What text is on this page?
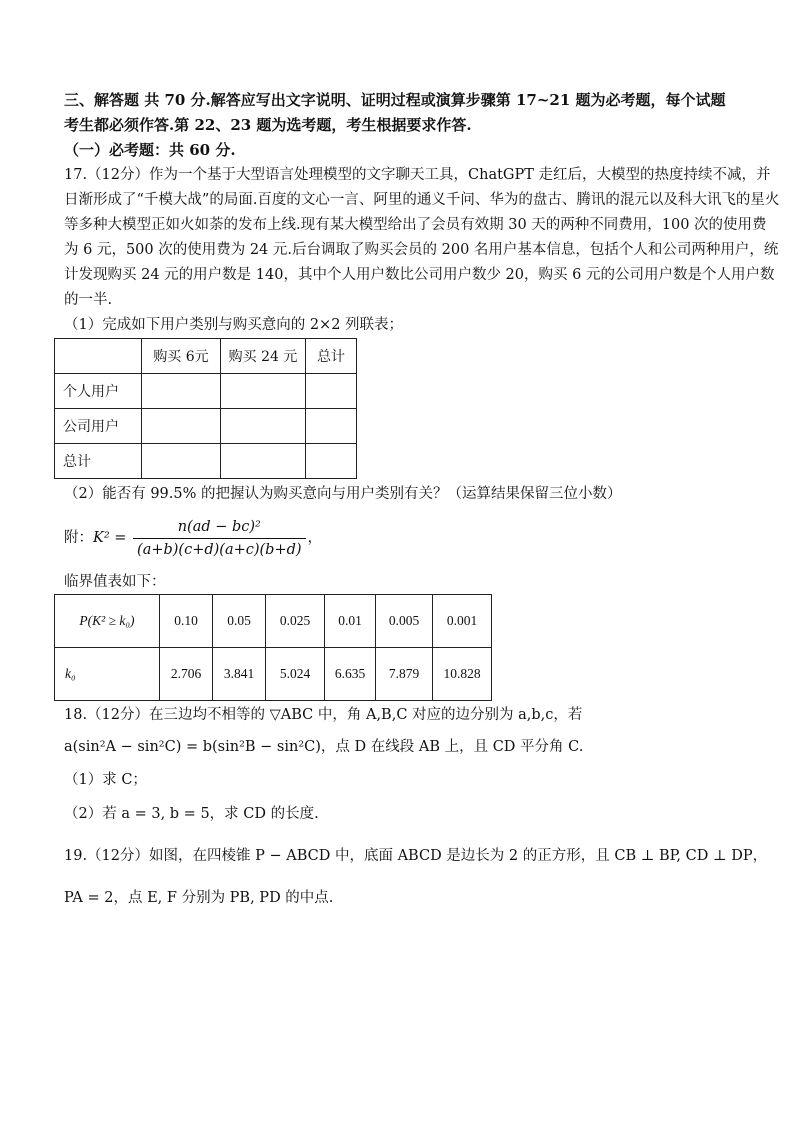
三、解答题 共 70 分.解答应写出文字说明、证明过程或演算步骤第 17~21 题为必考题，每个试题
考生都必须作答.第 22、23 题为选考题，考生根据要求作答.
（一）必考题：共 60 分.
17.（12分）作为一个基于大型语言处理模型的文字聊天工具，ChatGPT 走红后，大模型的热度持续不减，并
日渐形成了“千模大战”的局面.百度的文心一言、阿里的通义千问、华为的盘古、腾讯的混元以及科大讯飞的星火
等多种大模型正如火如荼的发布上线.现有某大模型给出了会员有效期 30 天的两种不同费用，100 次的使用费
为 6 元，500 次的使用费为 24 元.后台调取了购买会员的 200 名用户基本信息，包括个人和公司两种用户，统
计发现购买 24 元的用户数是 140，其中个人用户数比公司用户数少 20，购买 6 元的公司用户数是个人用户数
的一半.
（1）完成如下用户类别与购买意向的 2×2 列联表；
	购买 6元	购买 24 元	总计
个人用户			
公司用户			
总计			
（2）能否有 99.5% 的把握认为购买意向与用户类别有关？（运算结果保留三位小数）
附：$K^2 = \frac{\text{n(ad − bc)²}}{(a+b)(c+d)(a+c)(b+d)}$ ，
临界值表如下：
P(K² ≥ k₀)	0.10	0.05	0.025	0.01	0.005	0.001
k₀	2.706	3.841	5.024	6.635	7.879	10.828
18.（12分）在三边均不相等的 ▽ABC 中，角 A,B,C 对应的边分别为 a,b,c，若
a(sin²A − sin²C) = b(sin²B − sin²C)，点 D 在线段 AB 上，且 CD 平分角 C.
（1）求 C；
（2）若 a = 3, b = 5，求 CD 的长度.
19.（12分）如图，在四棱锥 P − ABCD 中，底面 ABCD 是边长为 2 的正方形，且 CB ⊥ BP, CD ⊥ DP，
PA = 2，点 E, F 分别为 PB, PD 的中点.
